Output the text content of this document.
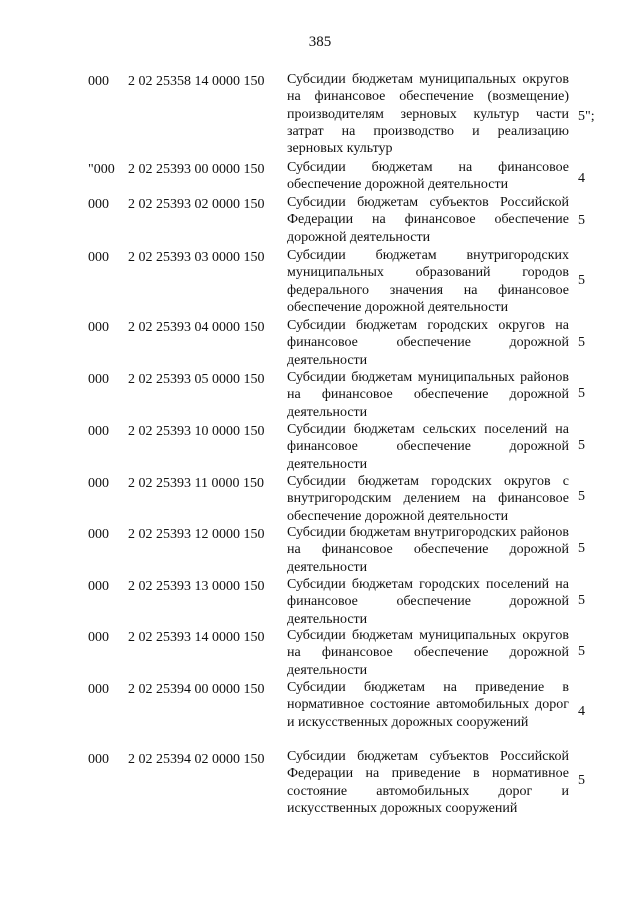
385
000 2 02 25358 14 0000 150 Субсидии бюджетам муниципальных округов на финансовое обеспечение (возмещение) производителям зерновых культур части затрат на производство и реализацию зерновых культур
5";
"000 2 02 25393 00 0000 150 Субсидии бюджетам на финансовое обеспечение дорожной деятельности	4
000 2 02 25393 02 0000 150 Субсидии бюджетам субъектов Российской Федерации на финансовое обеспечение дорожной деятельности
5
000 2 02 25393 03 0000 150 Субсидии бюджетам внутригородских муниципальных образований городов федерального значения на финансовое обеспечение дорожной деятельности
5
000 2 02 25393 04 0000 150 Субсидии бюджетам городских округов на финансовое обеспечение дорожной деятельности
5
000 2 02 25393 05 0000 150 Субсидии бюджетам муниципальных районов на финансовое обеспечение дорожной деятельности
5
000 2 02 25393 10 0000 150 Субсидии бюджетам сельских поселений на финансовое обеспечение дорожной деятельности
5
000 2 02 25393 11 0000 150 Субсидии бюджетам городских округов с внутригородским делением на финансовое обеспечение дорожной деятельности
5
000 2 02 25393 12 0000 150 Субсидии бюджетам внутригородских районов на финансовое обеспечение дорожной деятельности
5
000 2 02 25393 13 0000 150 Субсидии бюджетам городских поселений на финансовое обеспечение дорожной деятельности
5
000 2 02 25393 14 0000 150 Субсидии бюджетам муниципальных округов на финансовое обеспечение дорожной деятельности
5
000 2 02 25394 00 0000 150 Субсидии бюджетам на приведение в нормативное состояние автомобильных дорог и искусственных дорожных сооружений
4
000 2 02 25394 02 0000 150 Субсидии бюджетам субъектов Российской Федерации на приведение в нормативное состояние автомобильных дорог и искусственных дорожных сооружений
5
